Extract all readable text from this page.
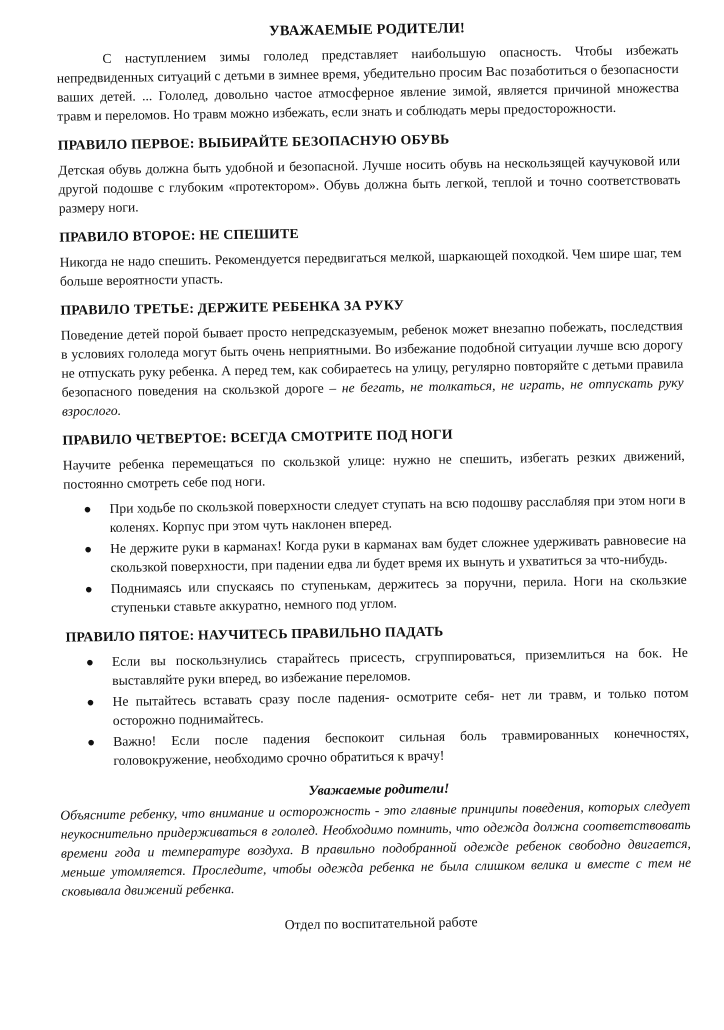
УВАЖАЕМЫЕ РОДИТЕЛИ!

С наступлением зимы гололед представляет наибольшую опасность. Чтобы избежать непредвиденных ситуаций с детьми в зимнее время, убедительно просим Вас позаботиться о безопасности ваших детей. ... Гололед, довольно частое атмосферное явление зимой, является причиной множества травм и переломов. Но травм можно избежать, если знать и соблюдать меры предосторожности.

ПРАВИЛО ПЕРВОЕ: ВЫБИРАЙТЕ БЕЗОПАСНУЮ ОБУВЬ

Детская обувь должна быть удобной и безопасной. Лучше носить обувь на нескользящей каучуковой или другой подошве с глубоким «протектором». Обувь должна быть легкой, теплой и точно соответствовать размеру ноги.

ПРАВИЛО ВТОРОЕ: НЕ СПЕШИТЕ

Никогда не надо спешить. Рекомендуется передвигаться мелкой, шаркающей походкой. Чем шире шаг, тем больше вероятности упасть.

ПРАВИЛО ТРЕТЬЕ: ДЕРЖИТЕ РЕБЕНКА ЗА РУКУ

Поведение детей порой бывает просто непредсказуемым, ребенок может внезапно побежать, последствия в условиях гололеда могут быть очень неприятными. Во избежание подобной ситуации лучше всю дорогу не отпускать руку ребенка. А перед тем, как собираетесь на улицу, регулярно повторяйте с детьми правила безопасного поведения на скользкой дороге – не бегать, не толкаться, не играть, не отпускать руку взрослого.

ПРАВИЛО ЧЕТВЕРТОЕ: ВСЕГДА СМОТРИТЕ ПОД НОГИ

Научите ребенка перемещаться по скользкой улице: нужно не спешить, избегать резких движений, постоянно смотреть себе под ноги.

● При ходьбе по скользкой поверхности следует ступать на всю подошву расслабляя при этом ноги в коленях. Корпус при этом чуть наклонен вперед.
● Не держите руки в карманах! Когда руки в карманах вам будет сложнее удерживать равновесие на скользкой поверхности, при падении едва ли будет время их вынуть и ухватиться за что-нибудь.
● Поднимаясь или спускаясь по ступенькам, держитесь за поручни, перила. Ноги на скользкие ступеньки ставьте аккуратно, немного под углом.
ПРАВИЛО ПЯТОЕ: НАУЧИТЕСЬ ПРАВИЛЬНО ПАДАТЬ
● Если вы поскользнулись старайтесь присесть, сгруппироваться, приземлиться на бок. Не выставляйте руки вперед, во избежание переломов.
● Не пытайтесь вставать сразу после падения- осмотрите себя- нет ли травм, и только потом осторожно поднимайтесь.
● Важно! Если после падения беспокоит сильная боль травмированных конечностях, головокружение, необходимо срочно обратиться к врачу!
Уважаемые родители!
Объясните ребенку, что внимание и осторожность - это главные принципы поведения, которых следует неукоснительно придерживаться в гололед. Необходимо помнить, что одежда должна соответствовать времени года и температуре воздуха. В правильно подобранной одежде ребенок свободно двигается, меньше утомляется. Проследите, чтобы одежда ребенка не была слишком велика и вместе с тем не сковывала движений ребенка.
Отдел по воспитательной работе
